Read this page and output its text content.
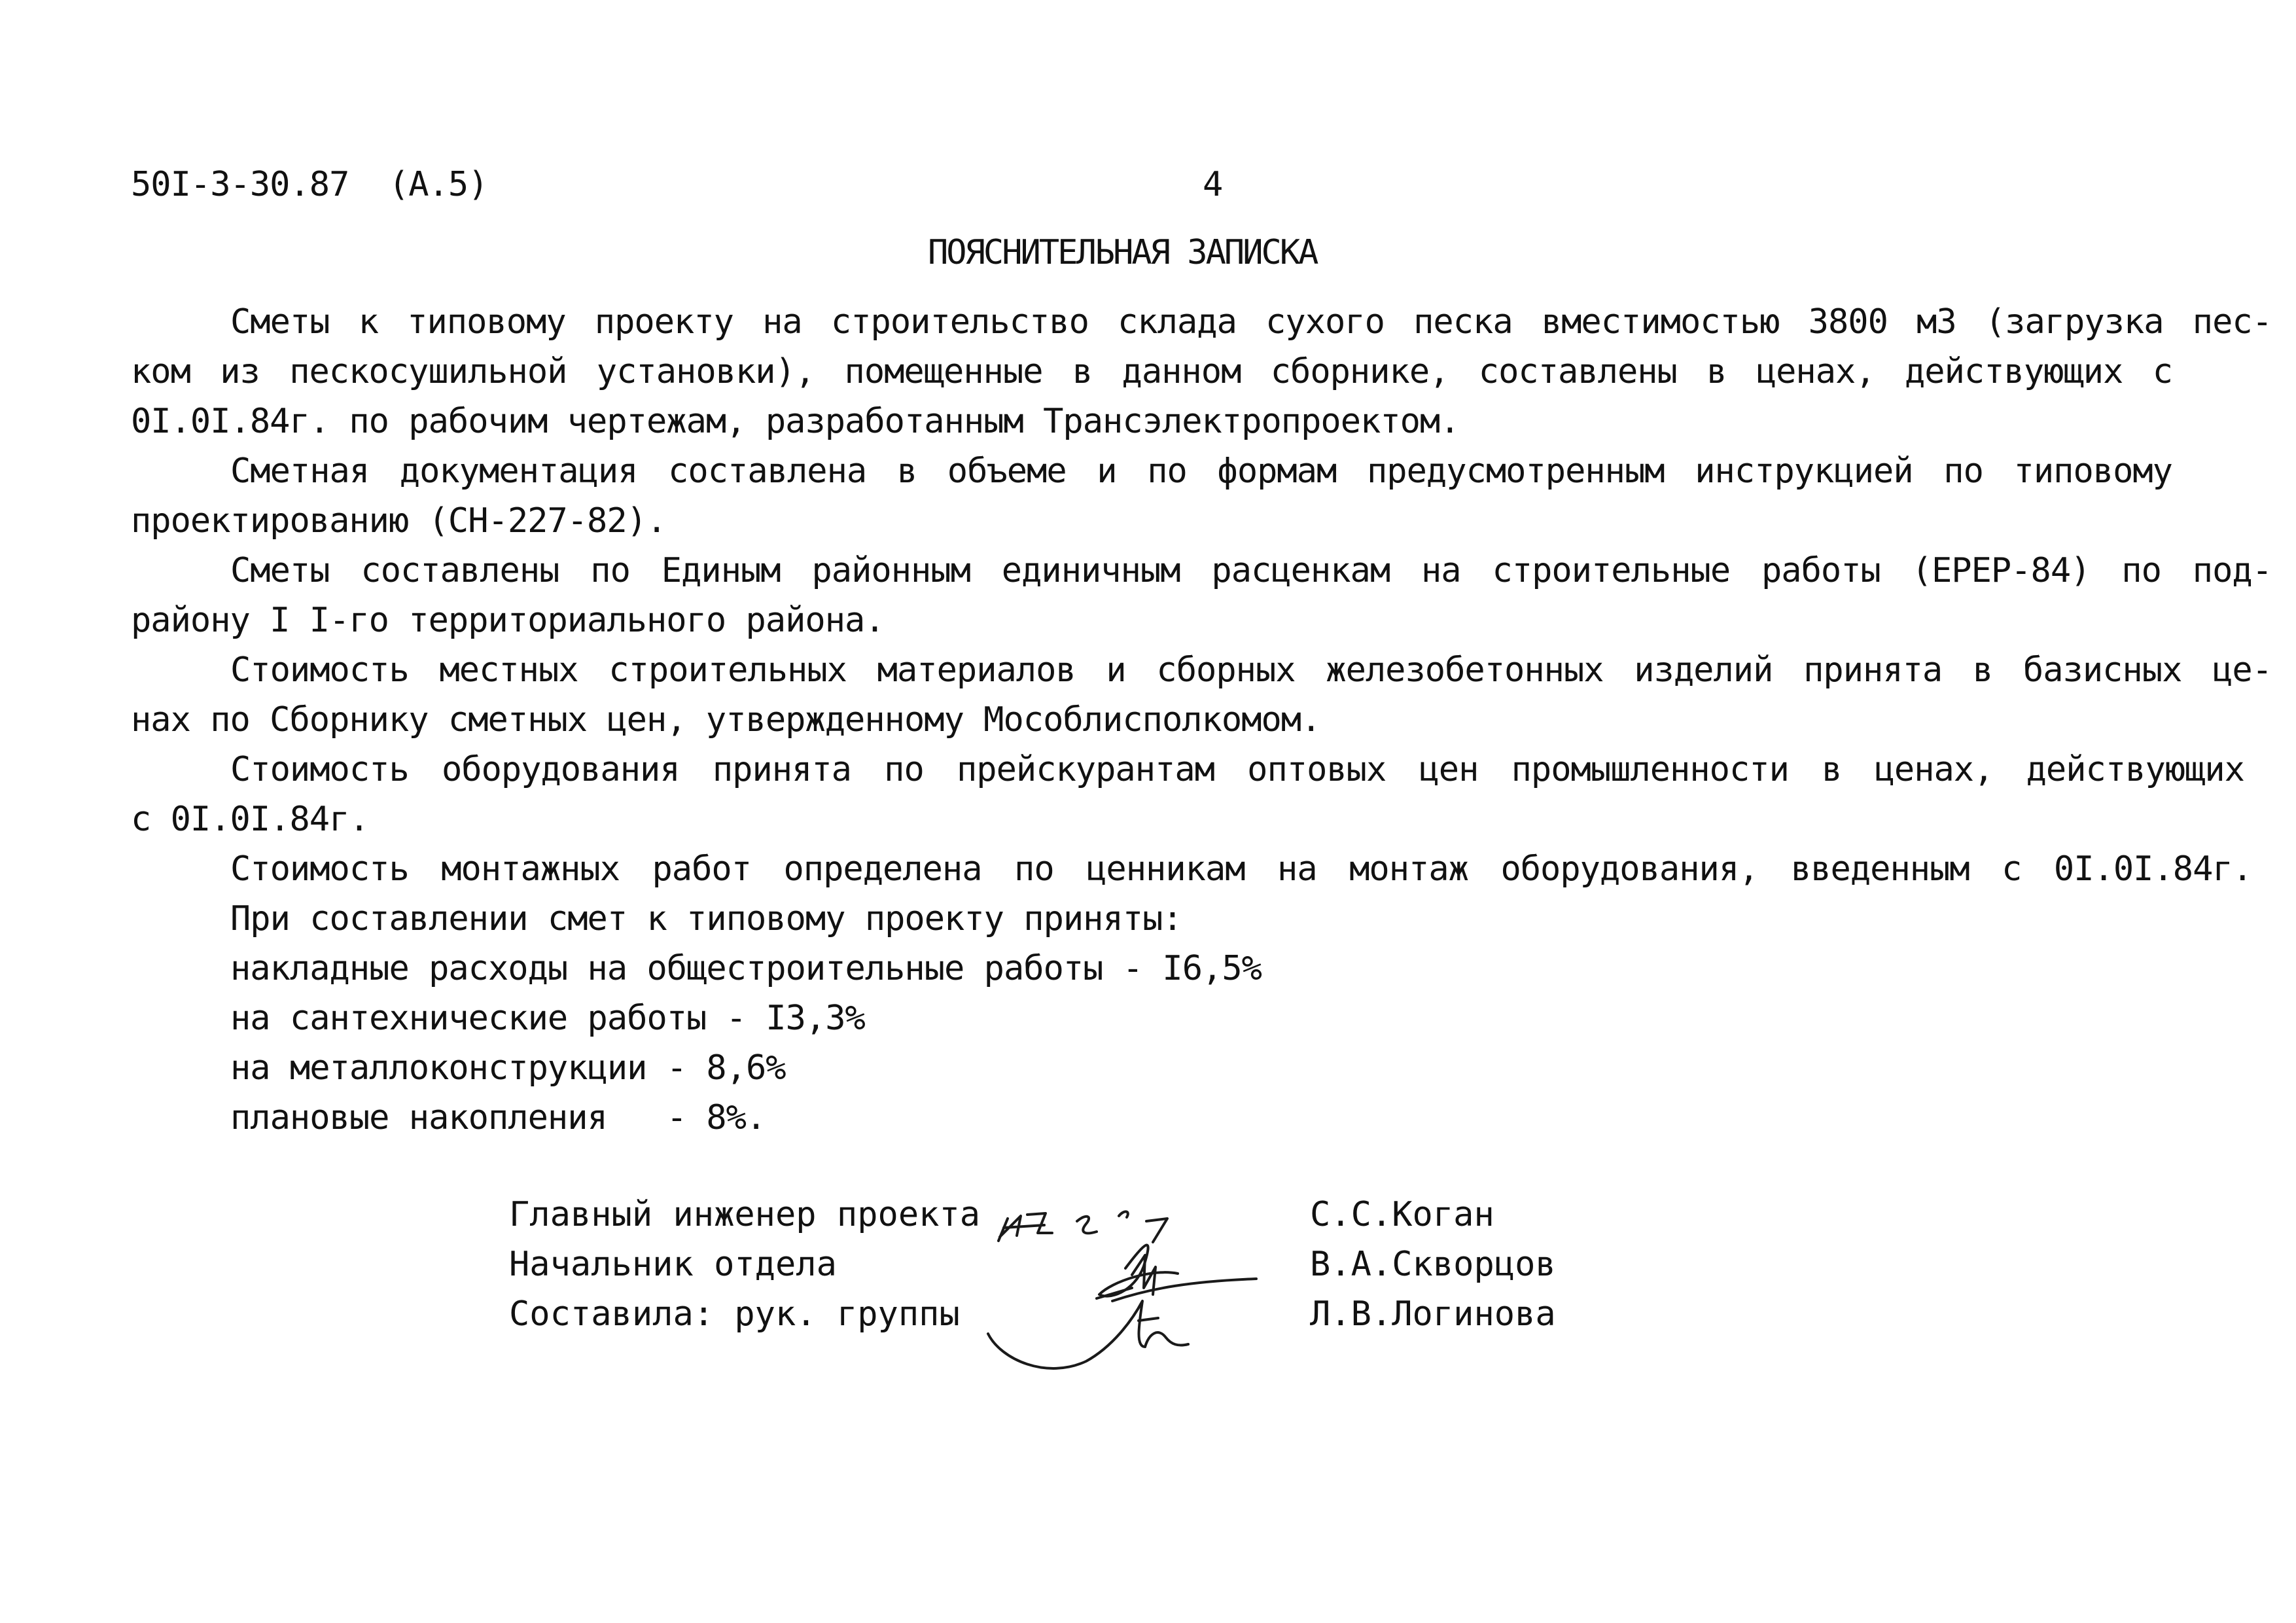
50I-3-30.87  (A.5)	4
ПОЯСНИТЕЛЬНАЯ ЗАПИСКА
Сметы к типовому проекту на строительство склада сухого песка вместимостью 3800 м3 (загрузка пес-
ком из пескосушильной установки), помещенные в данном сборнике, составлены в ценах, действующих с
0I.0I.84г. по рабочим чертежам, разработанным Трансэлектропроектом.
Сметная документация составлена в объеме и по формам предусмотренным инструкцией по типовому
проектированию (СН-227-82).
Сметы составлены по Единым районным единичным расценкам на строительные работы (ЕРЕР-84) по под-
району I I-го территориального района.
Стоимость местных строительных материалов и сборных железобетонных изделий принята в базисных це-
нах по Сборнику сметных цен, утвержденному Мособлисполкомом.
Стоимость оборудования принята по прейскурантам оптовых цен промышленности в ценах, действующих
с 0I.0I.84г.
Стоимость монтажных работ определена по ценникам на монтаж оборудования, введенным с 0I.0I.84г.
При составлении смет к типовому проекту приняты:
накладные расходы на общестроительные работы - I6,5%
на сантехнические работы - I3,3%
на металлоконструкции - 8,6%
плановые накопления   - 8%.
Главный инженер проекта	С.С.Коган
Начальник отдела	В.А.Скворцов
Составила: рук. группы	Л.В.Логинова
